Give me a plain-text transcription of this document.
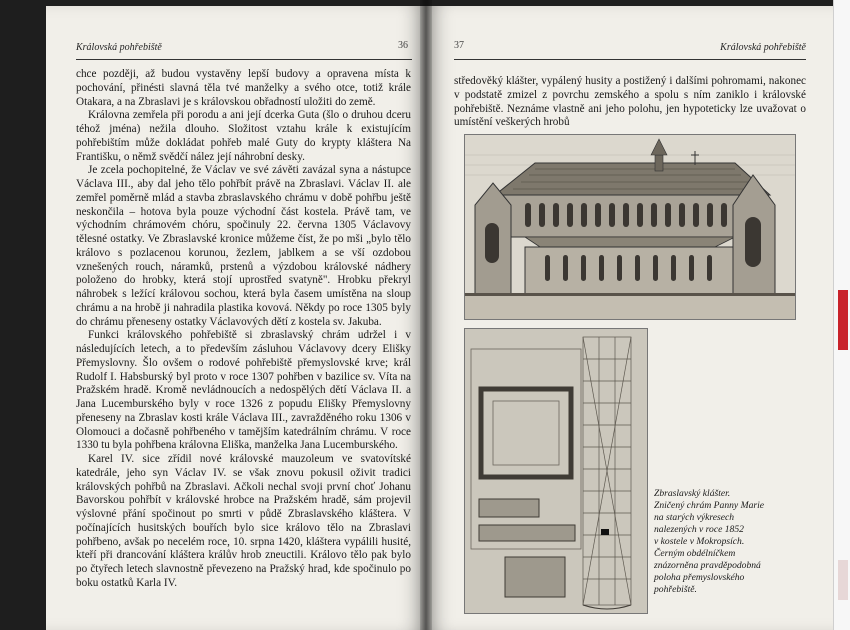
Královská pohřebiště	36

chce později, až budou vystavěny lepší budovy a opravena místa k pochování, přinésti slavná těla tvé manželky a svého otce, totiž krále Otakara, a na Zbraslavi je s královskou obřadností uložiti do země.

Královna zemřela při porodu a ani její dcerka Guta (šlo o druhou dceru téhož jména) nežila dlouho. Složitost vztahu krále k existujícím pohřebištím může dokládat pohřeb malé Guty do krypty kláštera Na Františku, o němž svědčí nález její náhrobní desky.

Je zcela pochopitelné, že Václav ve své závěti zavázal syna a nástupce Václava III., aby dal jeho tělo pohřbít právě na Zbraslavi. Václav II. ale zemřel poměrně mlád a stavba zbraslavského chrámu v době pohřbu ještě neskončila – hotova byla pouze východní část kostela. Právě tam, ve východním chrámovém chóru, spočinuly 22. června 1305 Václavovy tělesné ostatky. Ve Zbraslavské kronice můžeme číst, že po mši „bylo tělo královo s pozlacenou korunou, žezlem, jablkem a se vší ozdobou vznešených rouch, náramků, prstenů a výzdobou královské nádhery položeno do hrobky, která stojí uprostřed svatyně". Hrobku překryl náhrobek s ležící královou sochou, která byla časem umístěna na sloup chrámu a na hrobě ji nahradila plastika kovová. Někdy po roce 1305 byly do chrámu přeneseny ostatky Václavových dětí z kostela sv. Jakuba.

Funkci královského pohřebiště si zbraslavský chrám udržel i v následujících letech, a to především zásluhou Václavovy dcery Elišky Přemyslovny. Šlo ovšem o rodové pohřebiště přemyslovské krve; král Rudolf I. Habsburský byl proto v roce 1307 pohřben v bazilice sv. Víta na Pražském hradě. Kromě nevládnoucích a nedospělých dětí Václava II. a Jana Lucemburského byly v roce 1326 z popudu Elišky Přemyslovny přeneseny na Zbraslav kosti krále Václava III., zavražděného roku 1306 v Olomouci a dočasně pohřbeného v tamějším katedrálním chrámu. V roce 1330 tu byla pohřbena královna Eliška, manželka Jana Lucemburského.

Karel IV. sice zřídil nové královské mauzoleum ve svatovítské katedrále, jeho syn Václav IV. se však znovu pokusil oživit tradici královských pohřbů na Zbraslavi. Ačkoli nechal svoji první choť Johanu Bavorskou pohřbít v královské hrobce na Pražském hradě, sám projevil výslovné přání spočinout po smrti v půdě Zbraslavského kláštera. V počínajících husitských bouřích bylo sice královo tělo na Zbraslavi pohřbeno, avšak po necelém roce, 10. srpna 1420, kláštera vypálili husité, kteří při drancování kláštera králův hrob zneuctili. Královo tělo pak bylo po čtyřech letech slavnostně převezeno na Pražský hrad, kde spočinulo po boku ostatků Karla IV.

37	Královská pohřebiště

středověký klášter, vypálený husity a postižený i dalšími pohromami, nakonec v podstatě zmizel z povrchu zemského a spolu s ním zaniklo i královské pohřebiště. Neznáme vlastně ani jeho polohu, jen hypoteticky lze uvažovat o umístění veškerých hrobů

Zbraslavský klášter.
Zničený chrám Panny Marie
na starých výkresech
nalezených v roce 1852
v kostele v Mokropsích.
Černým obdélníčkem
znázorněna pravděpodobná
poloha přemyslovského
pohřebiště.
